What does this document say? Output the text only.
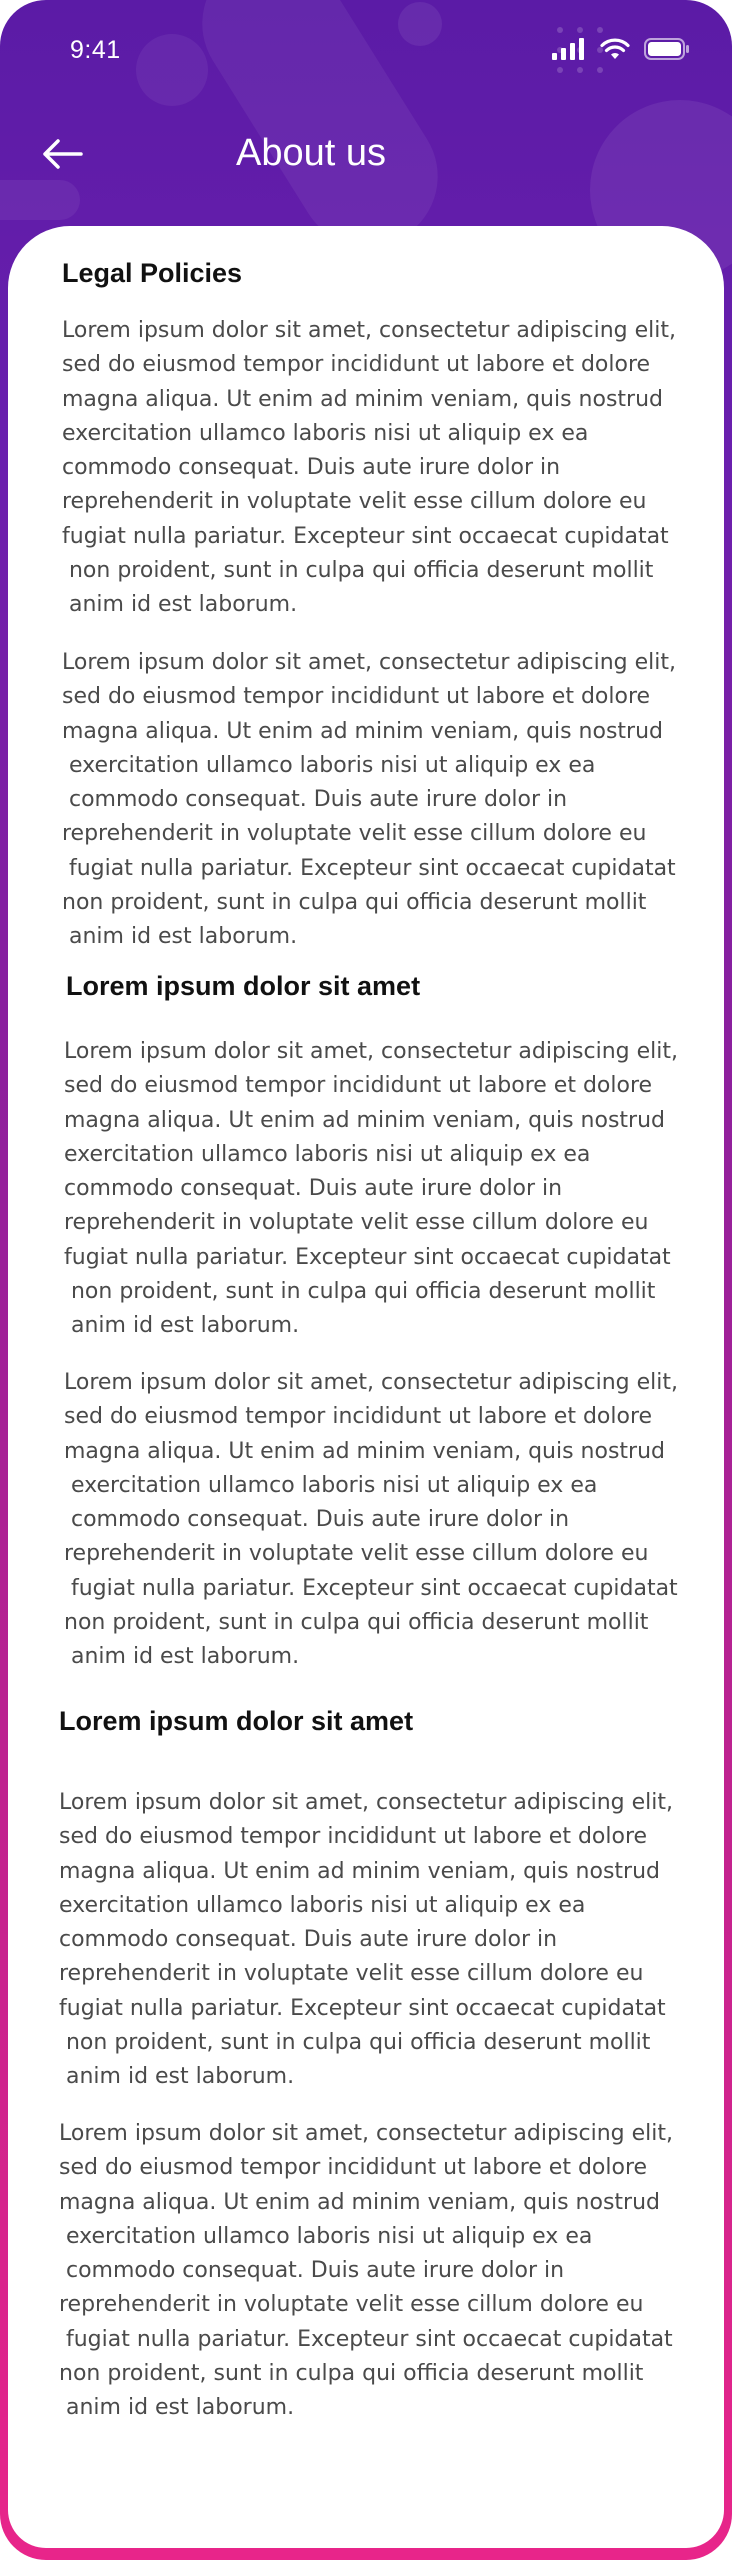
9:41
About us
Legal Policies

Lorem ipsum dolor sit amet, consectetur adipiscing elit,
sed do eiusmod tempor incididunt ut labore et dolore
magna aliqua. Ut enim ad minim veniam, quis nostrud
exercitation ullamco laboris nisi ut aliquip ex ea
commodo consequat. Duis aute irure dolor in
reprehenderit in voluptate velit esse cillum dolore eu
fugiat nulla pariatur. Excepteur sint occaecat cupidatat
non proident, sunt in culpa qui officia deserunt mollit
anim id est laborum.

Lorem ipsum dolor sit amet, consectetur adipiscing elit,
sed do eiusmod tempor incididunt ut labore et dolore
magna aliqua. Ut enim ad minim veniam, quis nostrud
exercitation ullamco laboris nisi ut aliquip ex ea
commodo consequat. Duis aute irure dolor in
reprehenderit in voluptate velit esse cillum dolore eu
fugiat nulla pariatur. Excepteur sint occaecat cupidatat
non proident, sunt in culpa qui officia deserunt mollit
anim id est laborum.

Lorem ipsum dolor sit amet

Lorem ipsum dolor sit amet, consectetur adipiscing elit,
sed do eiusmod tempor incididunt ut labore et dolore
magna aliqua. Ut enim ad minim veniam, quis nostrud
exercitation ullamco laboris nisi ut aliquip ex ea
commodo consequat. Duis aute irure dolor in
reprehenderit in voluptate velit esse cillum dolore eu
fugiat nulla pariatur. Excepteur sint occaecat cupidatat
non proident, sunt in culpa qui officia deserunt mollit
anim id est laborum.

Lorem ipsum dolor sit amet, consectetur adipiscing elit,
sed do eiusmod tempor incididunt ut labore et dolore
magna aliqua. Ut enim ad minim veniam, quis nostrud
exercitation ullamco laboris nisi ut aliquip ex ea
commodo consequat. Duis aute irure dolor in
reprehenderit in voluptate velit esse cillum dolore eu
fugiat nulla pariatur. Excepteur sint occaecat cupidatat
non proident, sunt in culpa qui officia deserunt mollit
anim id est laborum.

Lorem ipsum dolor sit amet

Lorem ipsum dolor sit amet, consectetur adipiscing elit,
sed do eiusmod tempor incididunt ut labore et dolore
magna aliqua. Ut enim ad minim veniam, quis nostrud
exercitation ullamco laboris nisi ut aliquip ex ea
commodo consequat. Duis aute irure dolor in
reprehenderit in voluptate velit esse cillum dolore eu
fugiat nulla pariatur. Excepteur sint occaecat cupidatat
non proident, sunt in culpa qui officia deserunt mollit
anim id est laborum.

Lorem ipsum dolor sit amet, consectetur adipiscing elit,
sed do eiusmod tempor incididunt ut labore et dolore
magna aliqua. Ut enim ad minim veniam, quis nostrud
exercitation ullamco laboris nisi ut aliquip ex ea
commodo consequat. Duis aute irure dolor in
reprehenderit in voluptate velit esse cillum dolore eu
fugiat nulla pariatur. Excepteur sint occaecat cupidatat
non proident, sunt in culpa qui officia deserunt mollit
anim id est laborum.
